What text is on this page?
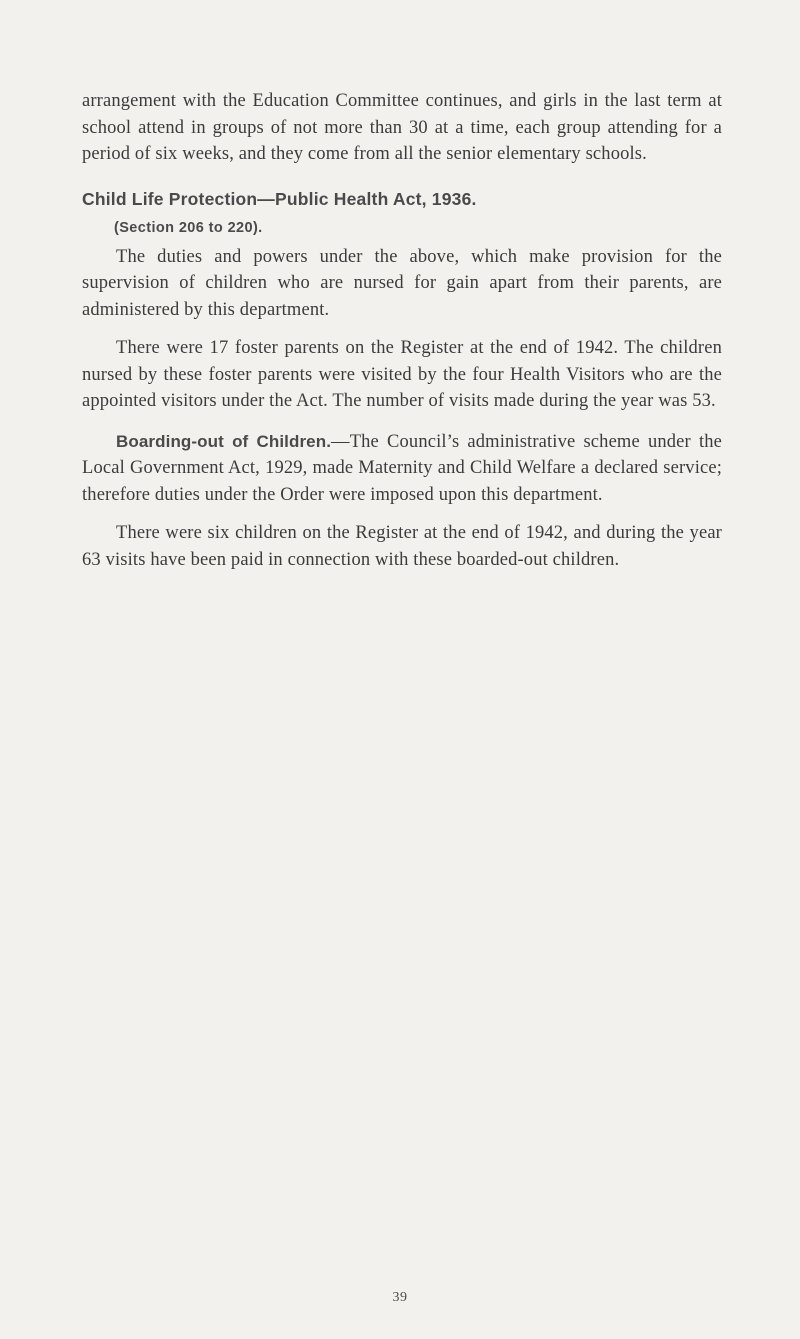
arrangement with the Education Committee continues, and girls in the last term at school attend in groups of not more than 30 at a time, each group attending for a period of six weeks, and they come from all the senior elementary schools.

Child Life Protection—Public Health Act, 1936.
(Section 206 to 220).

The duties and powers under the above, which make provision for the supervision of children who are nursed for gain apart from their parents, are administered by this department.

There were 17 foster parents on the Register at the end of 1942. The children nursed by these foster parents were visited by the four Health Visitors who are the appointed visitors under the Act. The number of visits made during the year was 53.

Boarding-out of Children.—The Council’s administrative scheme under the Local Government Act, 1929, made Maternity and Child Welfare a declared service; therefore duties under the Order were imposed upon this department.

There were six children on the Register at the end of 1942, and during the year 63 visits have been paid in connection with these boarded-out children.

39
